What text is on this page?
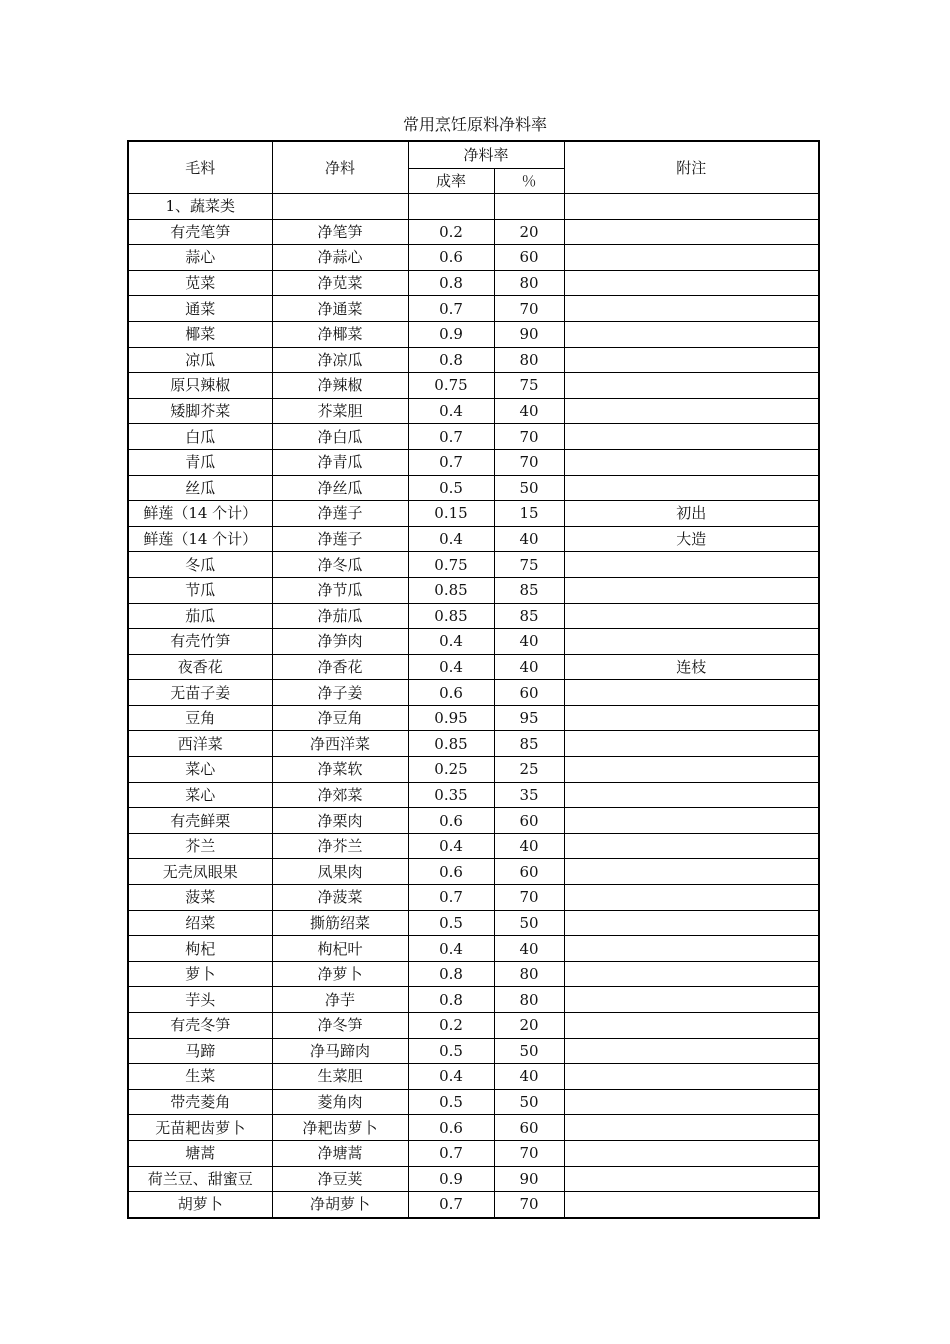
常用烹饪原料净料率
毛料	净料	净料率		附注
		成率	％	
1、蔬菜类				
有壳笔笋	净笔笋	0.2	20	
蒜心	净蒜心	0.6	60	
苋菜	净苋菜	0.8	80	
通菜	净通菜	0.7	70	
椰菜	净椰菜	0.9	90	
凉瓜	净凉瓜	0.8	80	
原只辣椒	净辣椒	0.75	75	
矮脚芥菜	芥菜胆	0.4	40	
白瓜	净白瓜	0.7	70	
青瓜	净青瓜	0.7	70	
丝瓜	净丝瓜	0.5	50	
鲜莲（14 个计）	净莲子	0.15	15	初出
鲜莲（14 个计）	净莲子	0.4	40	大造
冬瓜	净冬瓜	0.75	75	
节瓜	净节瓜	0.85	85	
茄瓜	净茄瓜	0.85	85	
有壳竹笋	净笋肉	0.4	40	
夜香花	净香花	0.4	40	连枝
无苗子姜	净子姜	0.6	60	
豆角	净豆角	0.95	95	
西洋菜	净西洋菜	0.85	85	
菜心	净菜软	0.25	25	
菜心	净郊菜	0.35	35	
有壳鲜栗	净栗肉	0.6	60	
芥兰	净芥兰	0.4	40	
无壳凤眼果	凤果肉	0.6	60	
菠菜	净菠菜	0.7	70	
绍菜	撕筋绍菜	0.5	50	
枸杞	枸杞叶	0.4	40	
萝卜	净萝卜	0.8	80	
芋头	净芋	0.8	80	
有壳冬笋	净冬笋	0.2	20	
马蹄	净马蹄肉	0.5	50	
生菜	生菜胆	0.4	40	
带壳菱角	菱角肉	0.5	50	
无苗耙齿萝卜	净耙齿萝卜	0.6	60	
塘蒿	净塘蒿	0.7	70	
荷兰豆、甜蜜豆	净豆荚	0.9	90	
胡萝卜	净胡萝卜	0.7	70	
